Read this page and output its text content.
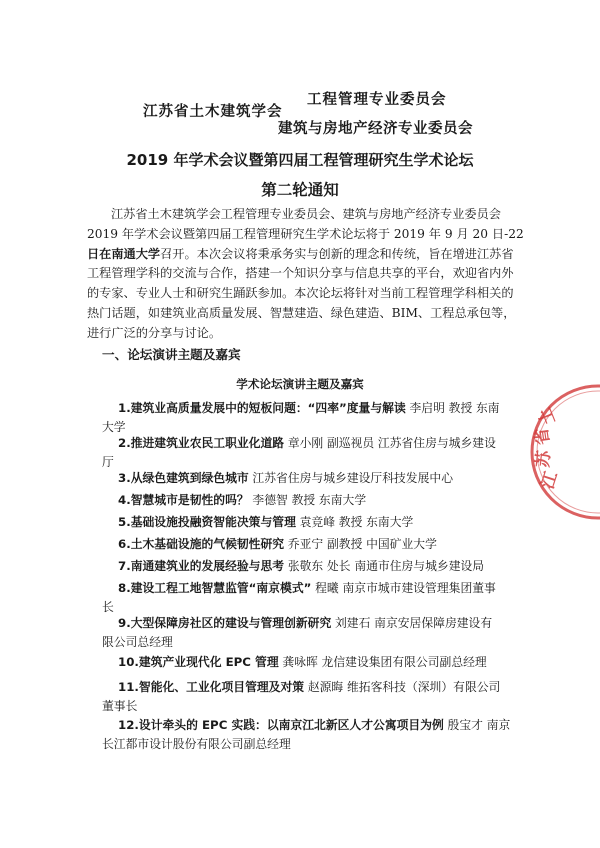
江苏省土木建筑学会
工程管理专业委员会
建筑与房地产经济专业委员会
2019 年学术会议暨第四届工程管理研究生学术论坛
第二轮通知
江苏省土木建筑学会工程管理专业委员会、建筑与房地产经济专业委员会
2019 年学术会议暨第四届工程管理研究生学术论坛将于 2019 年 9 月 20 日-22
日在南通大学召开。本次会议将秉承务实与创新的理念和传统，旨在增进江苏省
工程管理学科的交流与合作，搭建一个知识分享与信息共享的平台，欢迎省内外
的专家、专业人士和研究生踊跃参加。本次论坛将针对当前工程管理学科相关的
热门话题，如建筑业高质量发展、智慧建造、绿色建造、BIM、工程总承包等，
进行广泛的分享与讨论。
一、论坛演讲主题及嘉宾
学术论坛演讲主题及嘉宾
1.建筑业高质量发展中的短板问题：“四率”度量与解读 李启明 教授 东南
大学
2.推进建筑业农民工职业化道路 章小刚 副巡视员 江苏省住房与城乡建设
厅
3.从绿色建筑到绿色城市 江苏省住房与城乡建设厅科技发展中心
4.智慧城市是韧性的吗？ 李德智 教授 东南大学
5.基础设施投融资智能决策与管理 袁竞峰 教授 东南大学
6.土木基础设施的气候韧性研究 乔亚宁 副教授 中国矿业大学
7.南通建筑业的发展经验与思考 张敬东 处长 南通市住房与城乡建设局
8.建设工程工地智慧监管“南京模式” 程曦 南京市城市建设管理集团董事
长
9.大型保障房社区的建设与管理创新研究 刘建石 南京安居保障房建设有
限公司总经理
10.建筑产业现代化 EPC 管理 龚咏晖 龙信建设集团有限公司副总经理
11.智能化、工业化项目管理及对策 赵源晦 维拓客科技（深圳）有限公司
董事长
12.设计牵头的 EPC 实践：以南京江北新区人才公寓项目为例 殷宝才 南京
长江都市设计股份有限公司副总经理
江
苏
省
土
